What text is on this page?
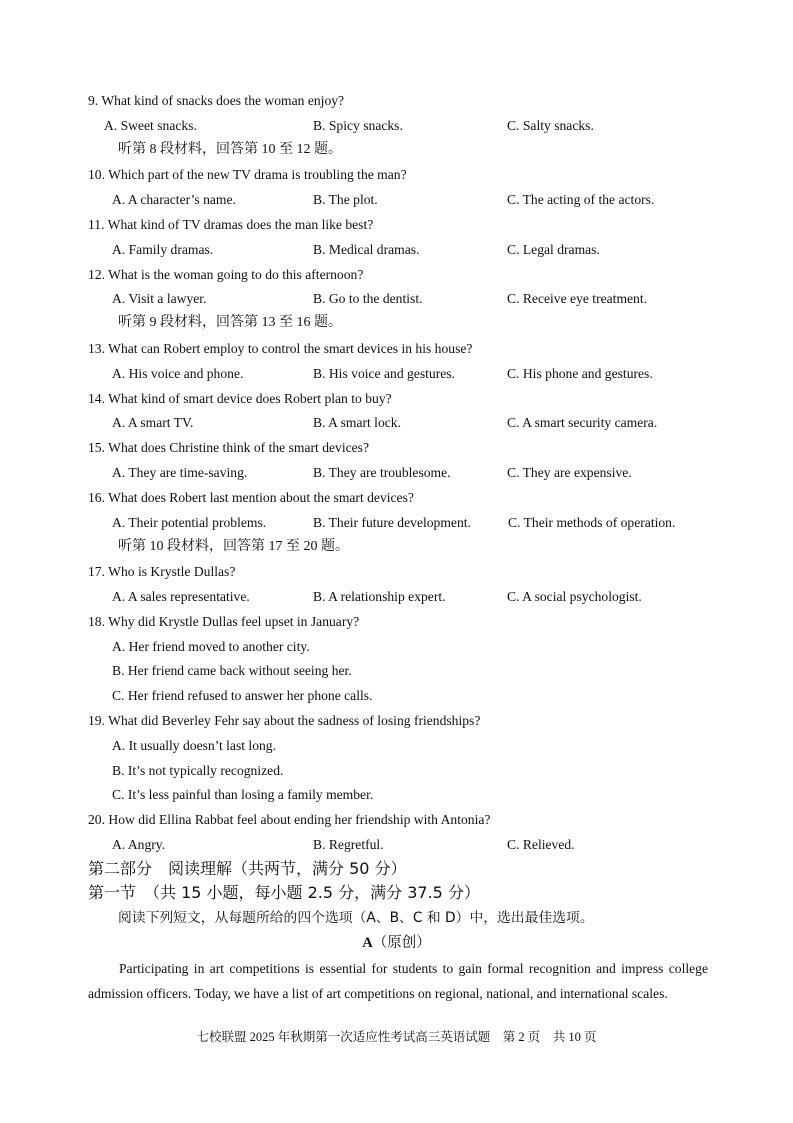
9. What kind of snacks does the woman enjoy?
A. Sweet snacks.	B. Spicy snacks.	C. Salty snacks.
听第 8 段材料，回答第 10 至 12 题。
10. Which part of the new TV drama is troubling the man?
A. A character’s name.	B. The plot.	C. The acting of the actors.
11. What kind of TV dramas does the man like best?
A. Family dramas.	B. Medical dramas.	C. Legal dramas.
12. What is the woman going to do this afternoon?
A. Visit a lawyer.	B. Go to the dentist.	C. Receive eye treatment.
听第 9 段材料，回答第 13 至 16 题。
13. What can Robert employ to control the smart devices in his house?
A. His voice and phone.	B. His voice and gestures.	C. His phone and gestures.
14. What kind of smart device does Robert plan to buy?
A. A smart TV.	B. A smart lock.	C. A smart security camera.
15. What does Christine think of the smart devices?
A. They are time-saving.	B. They are troublesome.	C. They are expensive.
16. What does Robert last mention about the smart devices?
A. Their potential problems.	B. Their future development.	C. Their methods of operation.
听第 10 段材料，回答第 17 至 20 题。
17. Who is Krystle Dullas?
A. A sales representative.	B. A relationship expert.	C. A social psychologist.
18. Why did Krystle Dullas feel upset in January?
A. Her friend moved to another city.
B. Her friend came back without seeing her.
C. Her friend refused to answer her phone calls.
19. What did Beverley Fehr say about the sadness of losing friendships?
A. It usually doesn’t last long.
B. It’s not typically recognized.
C. It’s less painful than losing a family member.
20. How did Ellina Rabbat feel about ending her friendship with Antonia?
A. Angry.	B. Regretful.	C. Relieved.
第二部分　阅读理解（共两节，满分 50 分）
第一节　（共 15 小题，每小题 2.5 分，满分 37.5 分）
阅读下列短文，从每题所给的四个选项（A、B、C 和 D）中，选出最佳选项。
A（原创）

Participating in art competitions is essential for students to gain formal recognition and impress college admission officers. Today, we have a list of art competitions on regional, national, and international scales.

七校联盟 2025 年秋期第一次适应性考试高三英语试题　第 2 页　共 10 页
